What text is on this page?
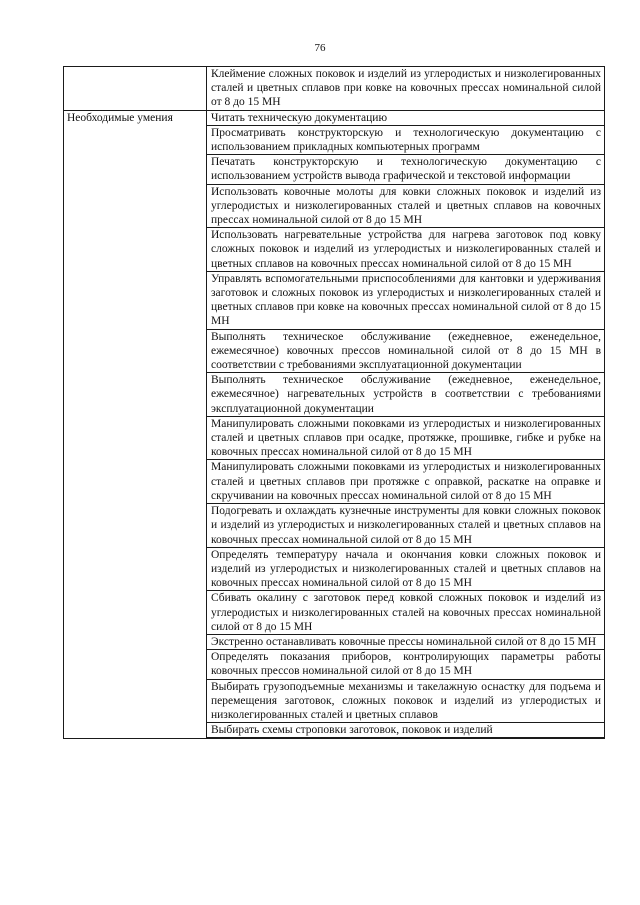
76
	Клеймение сложных поковок и изделий из углеродистых и низколегированных сталей и цветных сплавов при ковке на ковочных прессах номинальной силой от 8 до 15 МН
Необходимые умения	Читать техническую документацию
	Просматривать конструкторскую и технологическую документацию с использованием прикладных компьютерных программ
	Печатать конструкторскую и технологическую документацию с использованием устройств вывода графической и текстовой информации
	Использовать ковочные молоты для ковки сложных поковок и изделий из углеродистых и низколегированных сталей и цветных сплавов на ковочных прессах номинальной силой от 8 до 15 МН
	Использовать нагревательные устройства для нагрева заготовок под ковку сложных поковок и изделий из углеродистых и низколегированных сталей и цветных сплавов на ковочных прессах номинальной силой от 8 до 15 МН
	Управлять вспомогательными приспособлениями для кантовки и удерживания заготовок и сложных поковок из углеродистых и низколегированных сталей и цветных сплавов при ковке на ковочных прессах номинальной силой от 8 до 15 МН
	Выполнять техническое обслуживание (ежедневное, еженедельное, ежемесячное) ковочных прессов номинальной силой от 8 до 15 МН в соответствии с требованиями эксплуатационной документации
	Выполнять техническое обслуживание (ежедневное, еженедельное, ежемесячное) нагревательных устройств в соответствии с требованиями эксплуатационной документации
	Манипулировать сложными поковками из углеродистых и низколегированных сталей и цветных сплавов при осадке, протяжке, прошивке, гибке и рубке на ковочных прессах номинальной силой от 8 до 15 МН
	Манипулировать сложными поковками из углеродистых и низколегированных сталей и цветных сплавов при протяжке с оправкой, раскатке на оправке и скручивании на ковочных прессах номинальной силой от 8 до 15 МН
	Подогревать и охлаждать кузнечные инструменты для ковки сложных поковок и изделий из углеродистых и низколегированных сталей и цветных сплавов на ковочных прессах номинальной силой от 8 до 15 МН
	Определять температуру начала и окончания ковки сложных поковок и изделий из углеродистых и низколегированных сталей и цветных сплавов на ковочных прессах номинальной силой от 8 до 15 МН
	Сбивать окалину с заготовок перед ковкой сложных поковок и изделий из углеродистых и низколегированных сталей на ковочных прессах номинальной силой от 8 до 15 МН
	Экстренно останавливать ковочные прессы номинальной силой от 8 до 15 МН
	Определять показания приборов, контролирующих параметры работы ковочных прессов номинальной силой от 8 до 15 МН
	Выбирать грузоподъемные механизмы и такелажную оснастку для подъема и перемещения заготовок, сложных поковок и изделий из углеродистых и низколегированных сталей и цветных сплавов
	Выбирать схемы строповки заготовок, поковок и изделий
